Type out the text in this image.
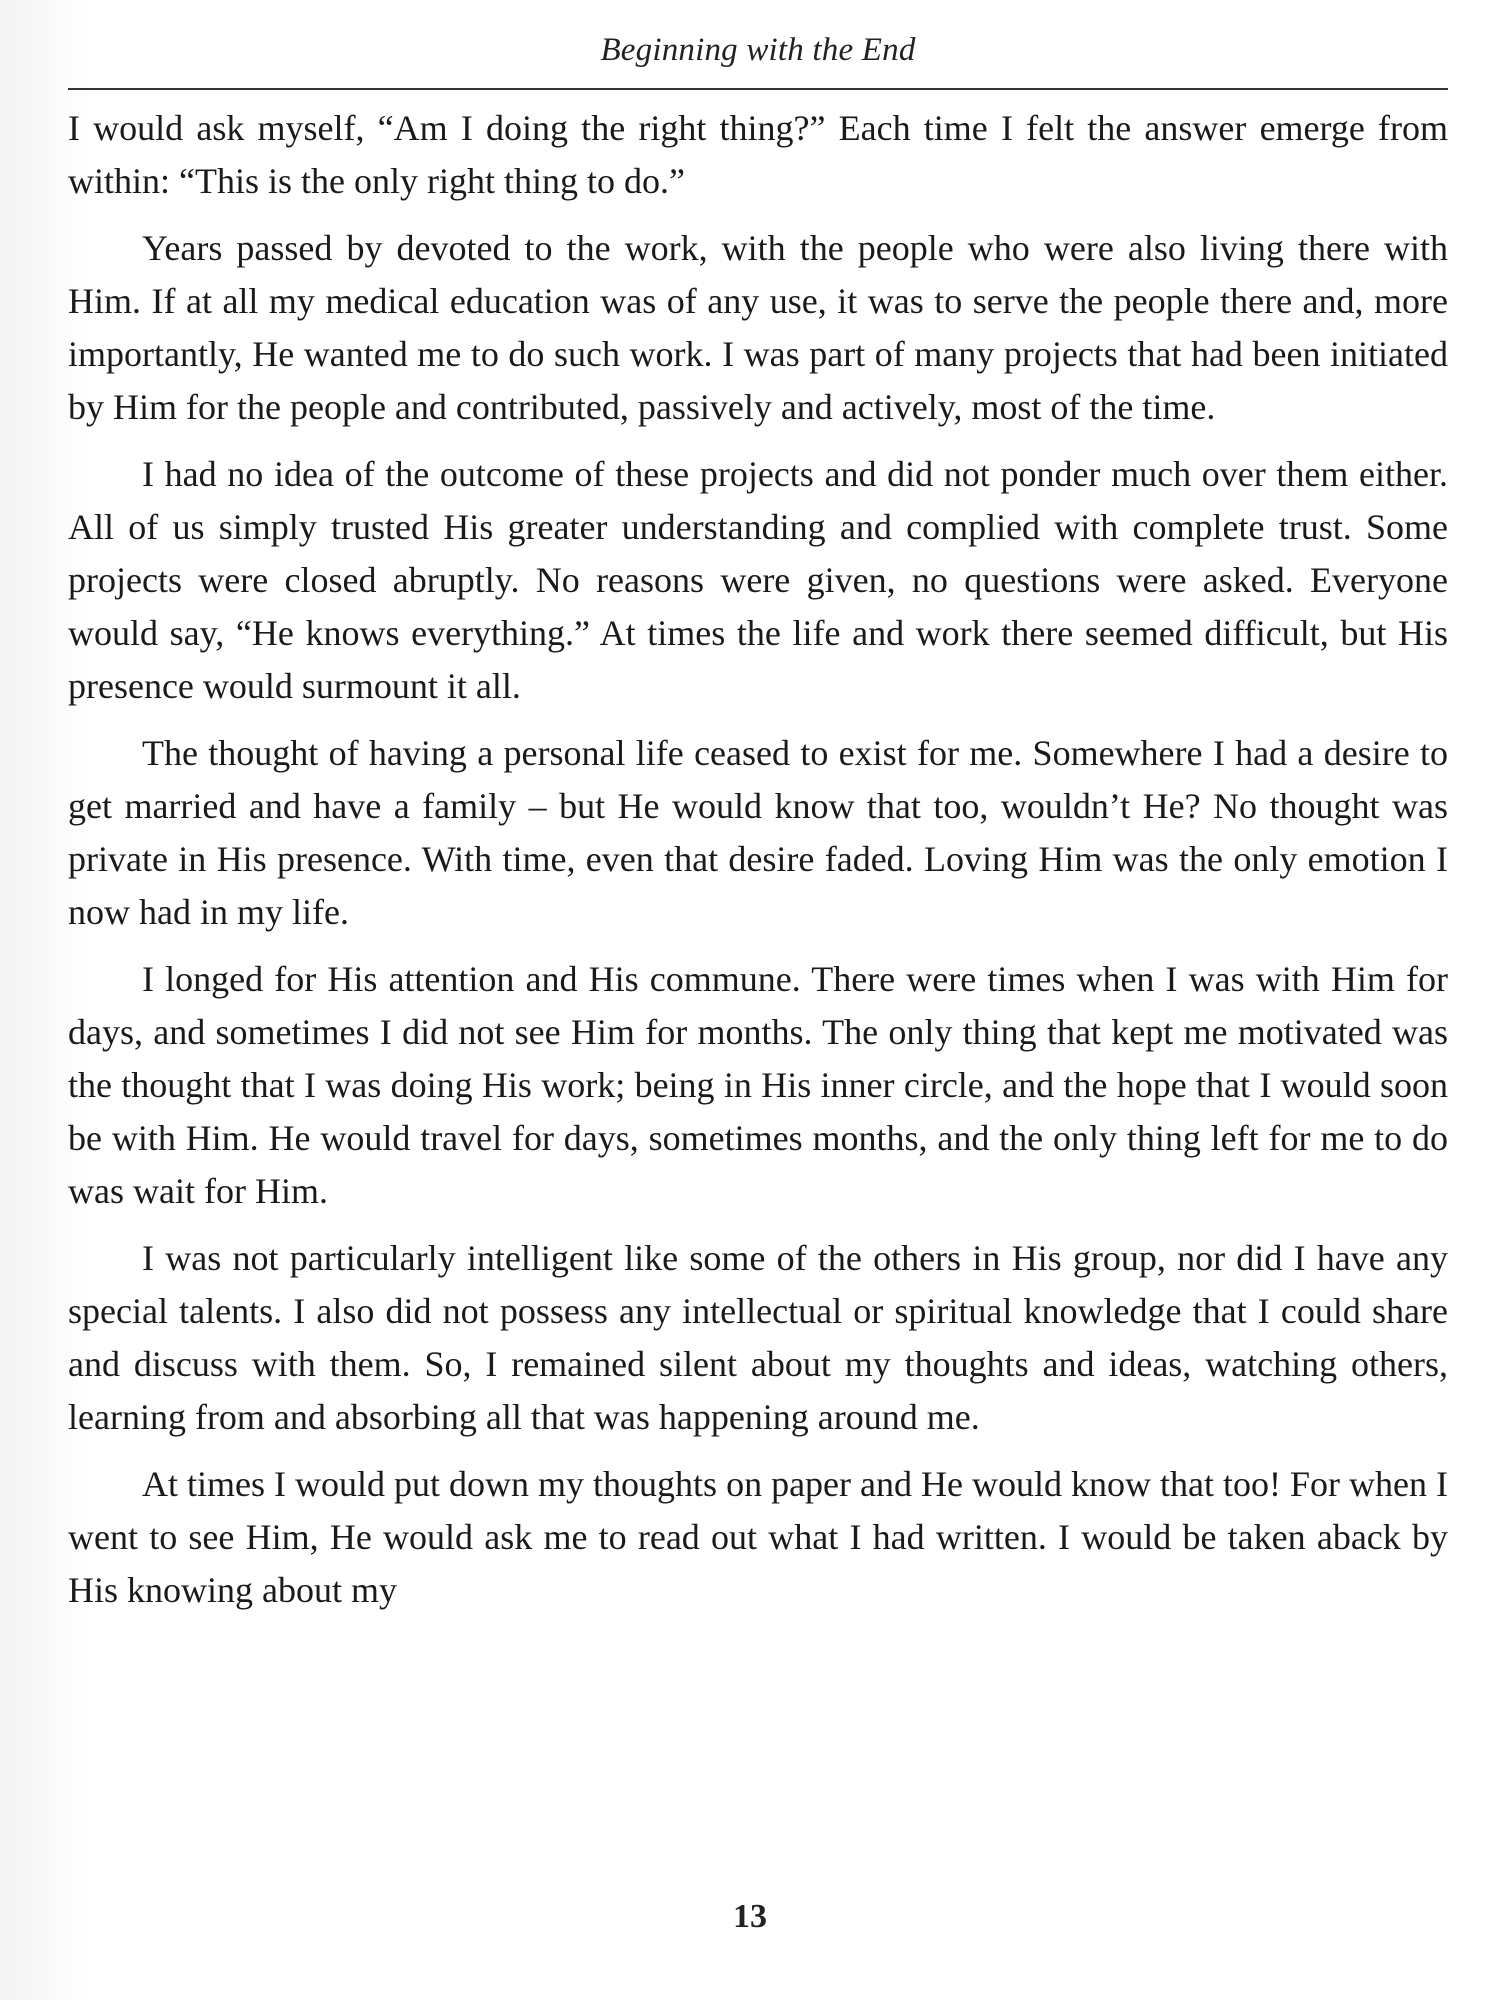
Beginning with the End

I would ask myself, “Am I doing the right thing?” Each time I felt the answer emerge from within: “This is the only right thing to do.”

Years passed by devoted to the work, with the people who were also living there with Him. If at all my medical education was of any use, it was to serve the people there and, more importantly, He wanted me to do such work. I was part of many projects that had been initiated by Him for the people and contributed, passively and actively, most of the time.

I had no idea of the outcome of these projects and did not ponder much over them either. All of us simply trusted His greater understanding and complied with complete trust. Some projects were closed abruptly. No reasons were given, no questions were asked. Everyone would say, “He knows everything.” At times the life and work there seemed difficult, but His presence would surmount it all.

The thought of having a personal life ceased to exist for me. Somewhere I had a desire to get married and have a family – but He would know that too, wouldn’t He? No thought was private in His presence. With time, even that desire faded. Loving Him was the only emotion I now had in my life.

I longed for His attention and His commune. There were times when I was with Him for days, and sometimes I did not see Him for months. The only thing that kept me motivated was the thought that I was doing His work; being in His inner circle, and the hope that I would soon be with Him. He would travel for days, sometimes months, and the only thing left for me to do was wait for Him.

I was not particularly intelligent like some of the others in His group, nor did I have any special talents. I also did not possess any intellectual or spiritual knowledge that I could share and discuss with them. So, I remained silent about my thoughts and ideas, watching others, learning from and absorbing all that was happening around me.

At times I would put down my thoughts on paper and He would know that too! For when I went to see Him, He would ask me to read out what I had written. I would be taken aback by His knowing about my

13
